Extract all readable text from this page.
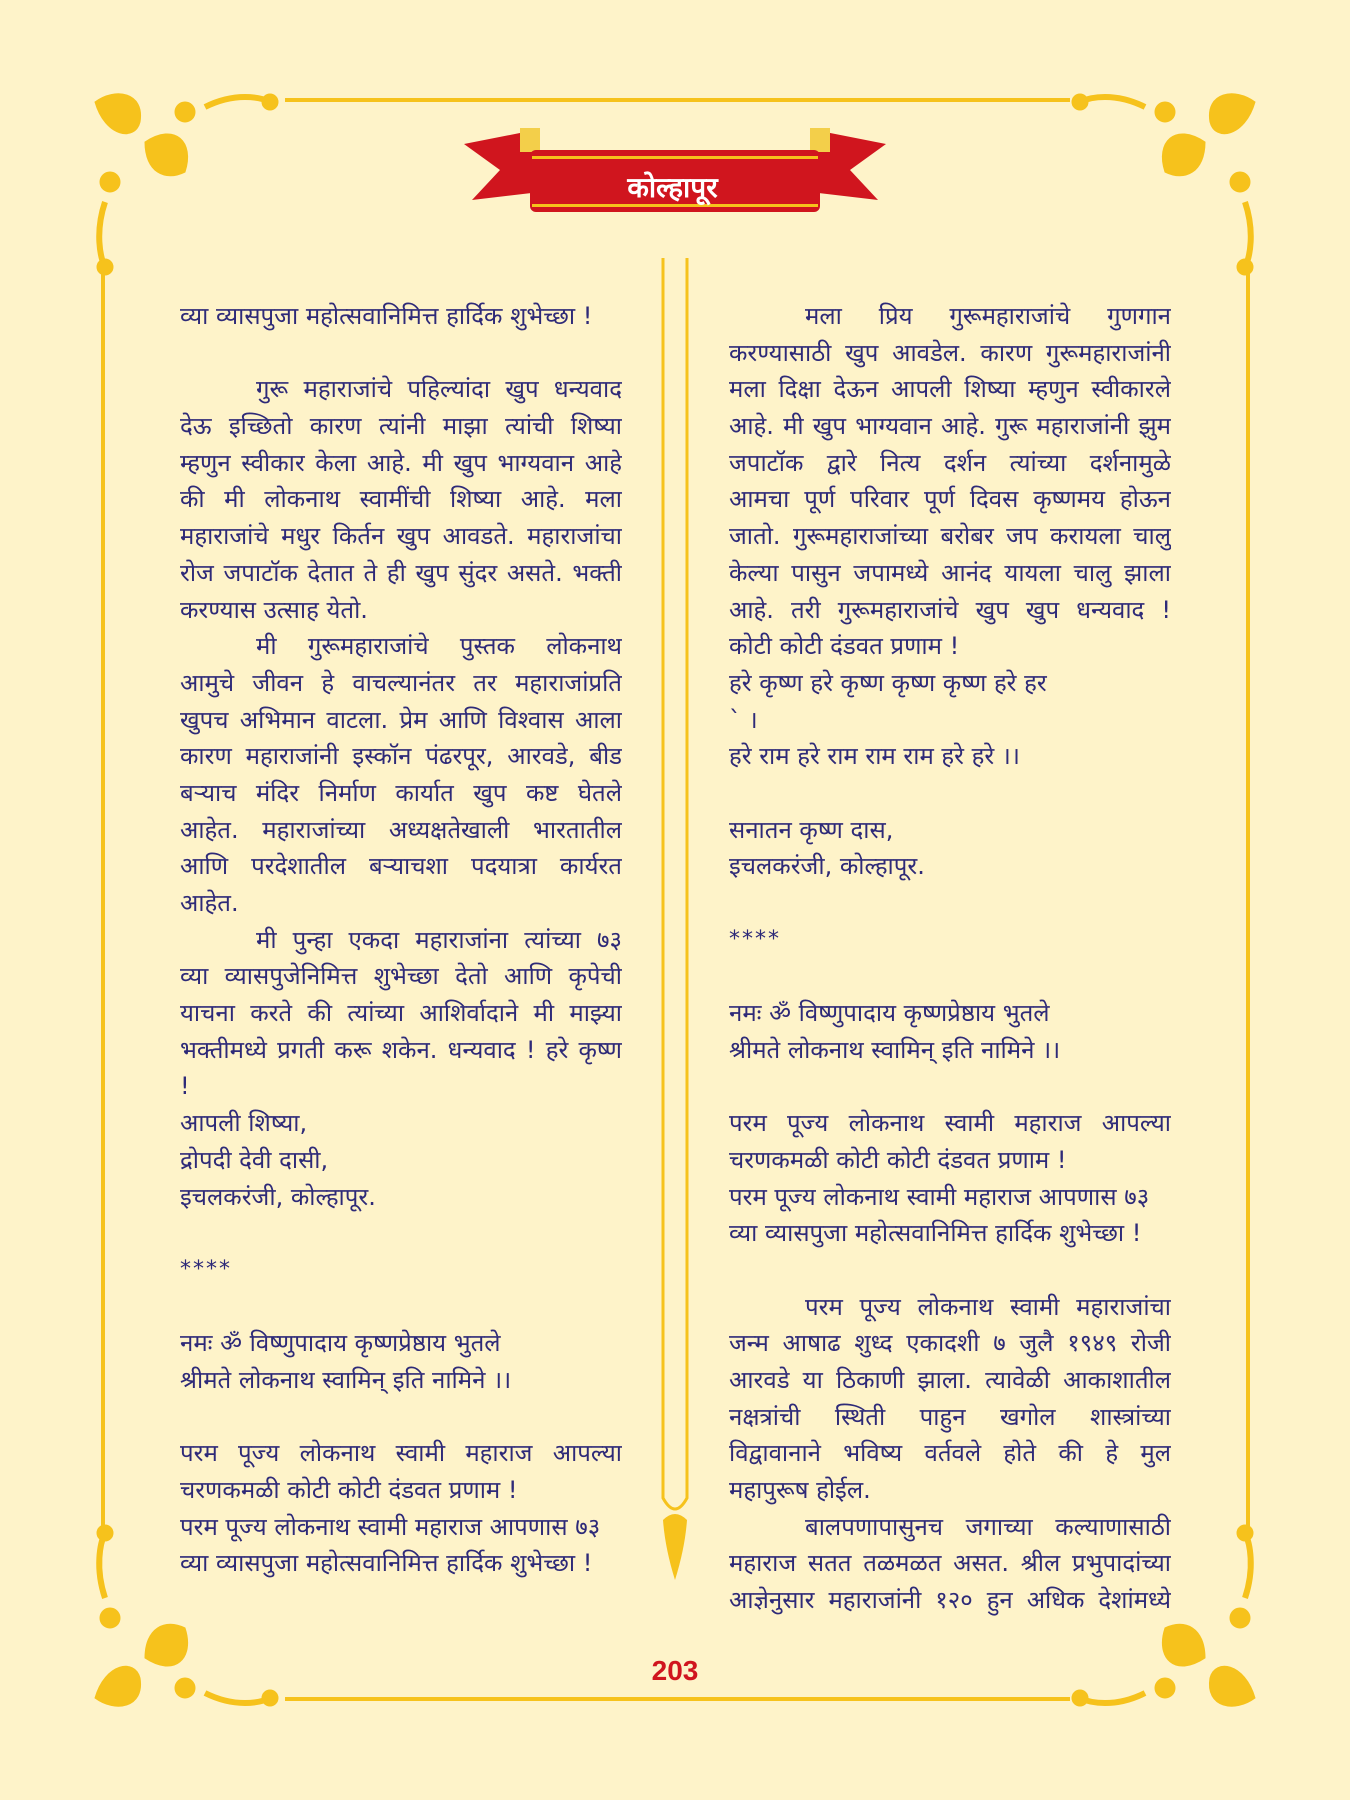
कोल्हापूर
व्या व्यासपुजा महोत्सवानिमित्त हार्दिक शुभेच्छा !
गुरू महाराजांचे पहिल्यांदा खुप धन्यवाद
देऊ इच्छितो कारण त्यांनी माझा त्यांची शिष्या
म्हणुन स्वीकार केला आहे. मी खुप भाग्यवान आहे
की मी लोकनाथ स्वामींची शिष्या आहे. मला
महाराजांचे मधुर किर्तन खुप आवडते. महाराजांचा
रोज जपाटॉक देतात ते ही खुप सुंदर असते. भक्ती
करण्यास उत्साह येतो.
मी गुरूमहाराजांचे पुस्तक लोकनाथ
आमुचे जीवन हे वाचल्यानंतर तर महाराजांप्रति
खुपच अभिमान वाटला. प्रेम आणि विश्वास आला
कारण महाराजांनी इस्कॉन पंढरपूर, आरवडे, बीड
बऱ्याच मंदिर निर्माण कार्यात खुप कष्ट घेतले
आहेत. महाराजांच्या अध्यक्षतेखाली भारतातील
आणि परदेशातील बऱ्याचशा पदयात्रा कार्यरत
आहेत.
मी पुन्हा एकदा महाराजांना त्यांच्या ७३
व्या व्यासपुजेनिमित्त शुभेच्छा देतो आणि कृपेची
याचना करते की त्यांच्या आशिर्वादाने मी माझ्या
भक्तीमध्ये प्रगती करू शकेन. धन्यवाद ! हरे कृष्ण
!
आपली शिष्या,
द्रोपदी देवी दासी,
इचलकरंजी, कोल्हापूर.
****
नमः ॐ विष्णुपादाय कृष्णप्रेष्ठाय भुतले
श्रीमते लोकनाथ स्वामिन् इति नामिने ।।
परम पूज्य लोकनाथ स्वामी महाराज आपल्या
चरणकमळी कोटी कोटी दंडवत प्रणाम !
परम पूज्य लोकनाथ स्वामी महाराज आपणास ७३
व्या व्यासपुजा महोत्सवानिमित्त हार्दिक शुभेच्छा !
मला प्रिय गुरूमहाराजांचे गुणगान
करण्यासाठी खुप आवडेल. कारण गुरूमहाराजांनी
मला दिक्षा देऊन आपली शिष्या म्हणुन स्वीकारले
आहे. मी खुप भाग्यवान आहे. गुरू महाराजांनी झुम
जपाटॉक द्वारे नित्य दर्शन त्यांच्या दर्शनामुळे
आमचा पूर्ण परिवार पूर्ण दिवस कृष्णमय होऊन
जातो. गुरूमहाराजांच्या बरोबर जप करायला चालु
केल्या पासुन जपामध्ये आनंद यायला चालु झाला
आहे. तरी गुरूमहाराजांचे खुप खुप धन्यवाद !
कोटी कोटी दंडवत प्रणाम !
हरे कृष्ण हरे कृष्ण कृष्ण कृष्ण हरे हर
` ।
हरे राम हरे राम राम राम हरे हरे ।।
सनातन कृष्ण दास,
इचलकरंजी, कोल्हापूर.
****
नमः ॐ विष्णुपादाय कृष्णप्रेष्ठाय भुतले
श्रीमते लोकनाथ स्वामिन् इति नामिने ।।
परम पूज्य लोकनाथ स्वामी महाराज आपल्या
चरणकमळी कोटी कोटी दंडवत प्रणाम !
परम पूज्य लोकनाथ स्वामी महाराज आपणास ७३
व्या व्यासपुजा महोत्सवानिमित्त हार्दिक शुभेच्छा !
परम पूज्य लोकनाथ स्वामी महाराजांचा
जन्म आषाढ शुध्द एकादशी ७ जुलै १९४९ रोजी
आरवडे या ठिकाणी झाला. त्यावेळी आकाशातील
नक्षत्रांची स्थिती पाहुन खगोल शास्त्रांच्या
विद्वावानाने भविष्य वर्तवले होते की हे मुल
महापुरूष होईल.
बालपणापासुनच जगाच्या कल्याणासाठी
महाराज सतत तळमळत असत. श्रील प्रभुपादांच्या
आज्ञेनुसार महाराजांनी १२० हुन अधिक देशांमध्ये
203
